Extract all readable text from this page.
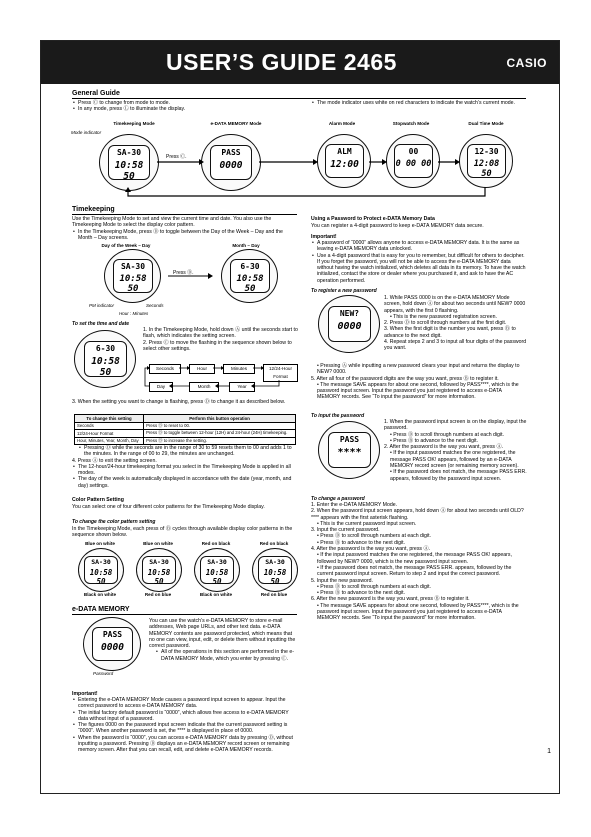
USER’S GUIDE 2465	CASIO
General Guide
• Press Ⓒ to change from mode to mode.
• In any mode, press Ⓛ to illuminate the display.
• The mode indicator uses white on red characters to indicate the watch’s current mode.
Timekeeping Mode	e-DATA MEMORY Mode	Alarm Mode	Stopwatch Mode	Dual Time Mode
Mode indicator
Press Ⓒ.
SA-30
10:58 50
PASS
0000
ALM
12:00
00
0 00 00
12-30
12:08 50
Timekeeping
Use the Timekeeping Mode to set and view the current time and date. You also use the Timekeeping Mode to select the display color pattern.
• In the Timekeeping Mode, press Ⓓ to toggle between the Day of the Week – Day and the Month – Day screens.
Day of the Week – Day	Month – Day
SA-30
10:58 50
Press Ⓓ.
6-30
10:58 50
PM indicator	Seconds
Hour : Minutes
To set the time and date
6-30
10:58 50
1. In the Timekeeping Mode, hold down Ⓐ until the seconds start to flash, which indicates the setting screen.
2. Press Ⓒ to move the flashing in the sequence shown below to select other settings.
Seconds	Hour	Minutes	12/24-Hour Format
Day	Month	Year
3. When the setting you want to change is flashing, press Ⓓ to change it as described below.
To change this setting	Perform this button operation
Seconds	Press Ⓓ to reset to 00.
12/24-Hour Format	Press Ⓓ to toggle between 12-hour (12H) and 24-hour (24H) timekeeping.
Hour, Minutes, Year, Month, Day	Press Ⓓ to increase the setting.
• Pressing Ⓓ while the seconds are in the range of 30 to 59 resets them to 00 and adds 1 to the minutes. In the range of 00 to 29, the minutes are unchanged.
4. Press Ⓐ to exit the setting screen.
• The 12-hour/24-hour timekeeping format you select in the Timekeeping Mode is applied in all modes.
• The day of the week is automatically displayed in accordance with the date (year, month, and day) settings.
Color Pattern Setting
You can select one of four different color patterns for the Timekeeping Mode display.
To change the color pattern setting
In the Timekeeping Mode, each press of Ⓑ cycles through available display color patterns in the sequence shown below.
Blue on white	Blue on white	Red on black	Red on black
SA-30
10:58 50
SA-30
10:58 50
SA-30
10:58 50
SA-30
10:58 50
Black on white	Red on blue	Black on white	Red on blue
e-DATA MEMORY
PASS
0000
Password
You can use the watch’s e-DATA MEMORY to store e-mail addresses, Web page URLs, and other text data. e-DATA MEMORY contents are password protected, which means that no one can view, input, edit, or delete them without inputting the correct password.
• All of the operations in this section are performed in the e-DATA MEMORY Mode, which you enter by pressing Ⓒ.
Important!
• Entering the e-DATA MEMORY Mode causes a password input screen to appear. Input the correct password to access e-DATA MEMORY data.
• The initial factory default password is “0000”, which allows free access to e-DATA MEMORY data without input of a password.
• The figures 0000 on the password input screen indicate that the current password setting is “0000”. When another password is set, the **** is displayed in place of 0000.
• When the password is “0000”, you can access e-DATA MEMORY data by pressing Ⓓ, without inputting a password. Pressing Ⓓ displays an e-DATA MEMORY record screen or remaining memory screen. After that you can recall, edit, and delete e-DATA MEMORY records.
Using a Password to Protect e-DATA Memory Data
You can register a 4-digit password to keep e-DATA MEMORY data secure.
Important!
• A password of “0000” allows anyone to access e-DATA MEMORY data. It is the same as leaving e-DATA MEMORY data unlocked.
• Use a 4-digit password that is easy for you to remember, but difficult for others to decipher. If you forget the password, you will not be able to access the e-DATA MEMORY data without having the watch initialized, which deletes all data in its memory. To have the watch initialized, contact the store or dealer where you purchased it, and ask to have the AC operation performed.
To register a new password
NEW?
0000
1. While PASS 0000 is on the e-DATA MEMORY Mode screen, hold down Ⓐ for about two seconds until NEW? 0000 appears, with the first 0 flashing.
• This is the new password registration screen.
2. Press Ⓓ to scroll through numbers at the first digit.
3. When the first digit is the number you want, press Ⓑ to advance to the next digit.
4. Repeat steps 2 and 3 to input all four digits of the password you want.
• Pressing Ⓐ while inputting a new password clears your input and returns the display to NEW? 0000.
5. After all four of the password digits are the way you want, press Ⓑ to register it.
• The message SAVE appears for about one second, followed by PASS****, which is the password input screen. Input the password you just registered to access e-DATA MEMORY records. See “To input the password” for more information.
To input the password
PASS
****
1. When the password input screen is on the display, input the password.
• Press Ⓓ to scroll through numbers at each digit.
• Press Ⓑ to advance to the next digit.
2. After the password is the way you want, press Ⓐ.
• If the input password matches the one registered, the message PASS OK! appears, followed by an e-DATA MEMORY record screen (or remaining memory screen).
• If the password does not match, the message PASS ERR. appears, followed by the password input screen.
To change a password
1. Enter the e-DATA MEMORY Mode.
2. When the password input screen appears, hold down Ⓐ for about two seconds until OLD? **** appears with the first asterisk flashing.
• This is the current password input screen.
3. Input the current password.
• Press Ⓓ to scroll through numbers at each digit.
• Press Ⓑ to advance to the next digit.
4. After the password is the way you want, press Ⓐ.
• If the input password matches the one registered, the message PASS OK! appears, followed by NEW? 0000, which is the new password input screen.
• If the password does not match, the message PASS ERR. appears, followed by the current password input screen. Return to step 2 and input the correct password.
5. Input the new password.
• Press Ⓓ to scroll through numbers at each digit.
• Press Ⓑ to advance to the next digit.
6. After the new password is the way you want, press Ⓑ to register it.
• The message SAVE appears for about one second, followed by PASS****, which is the password input screen. Input the password you just registered to access e-DATA MEMORY records. See “To input the password” for more information.
1
